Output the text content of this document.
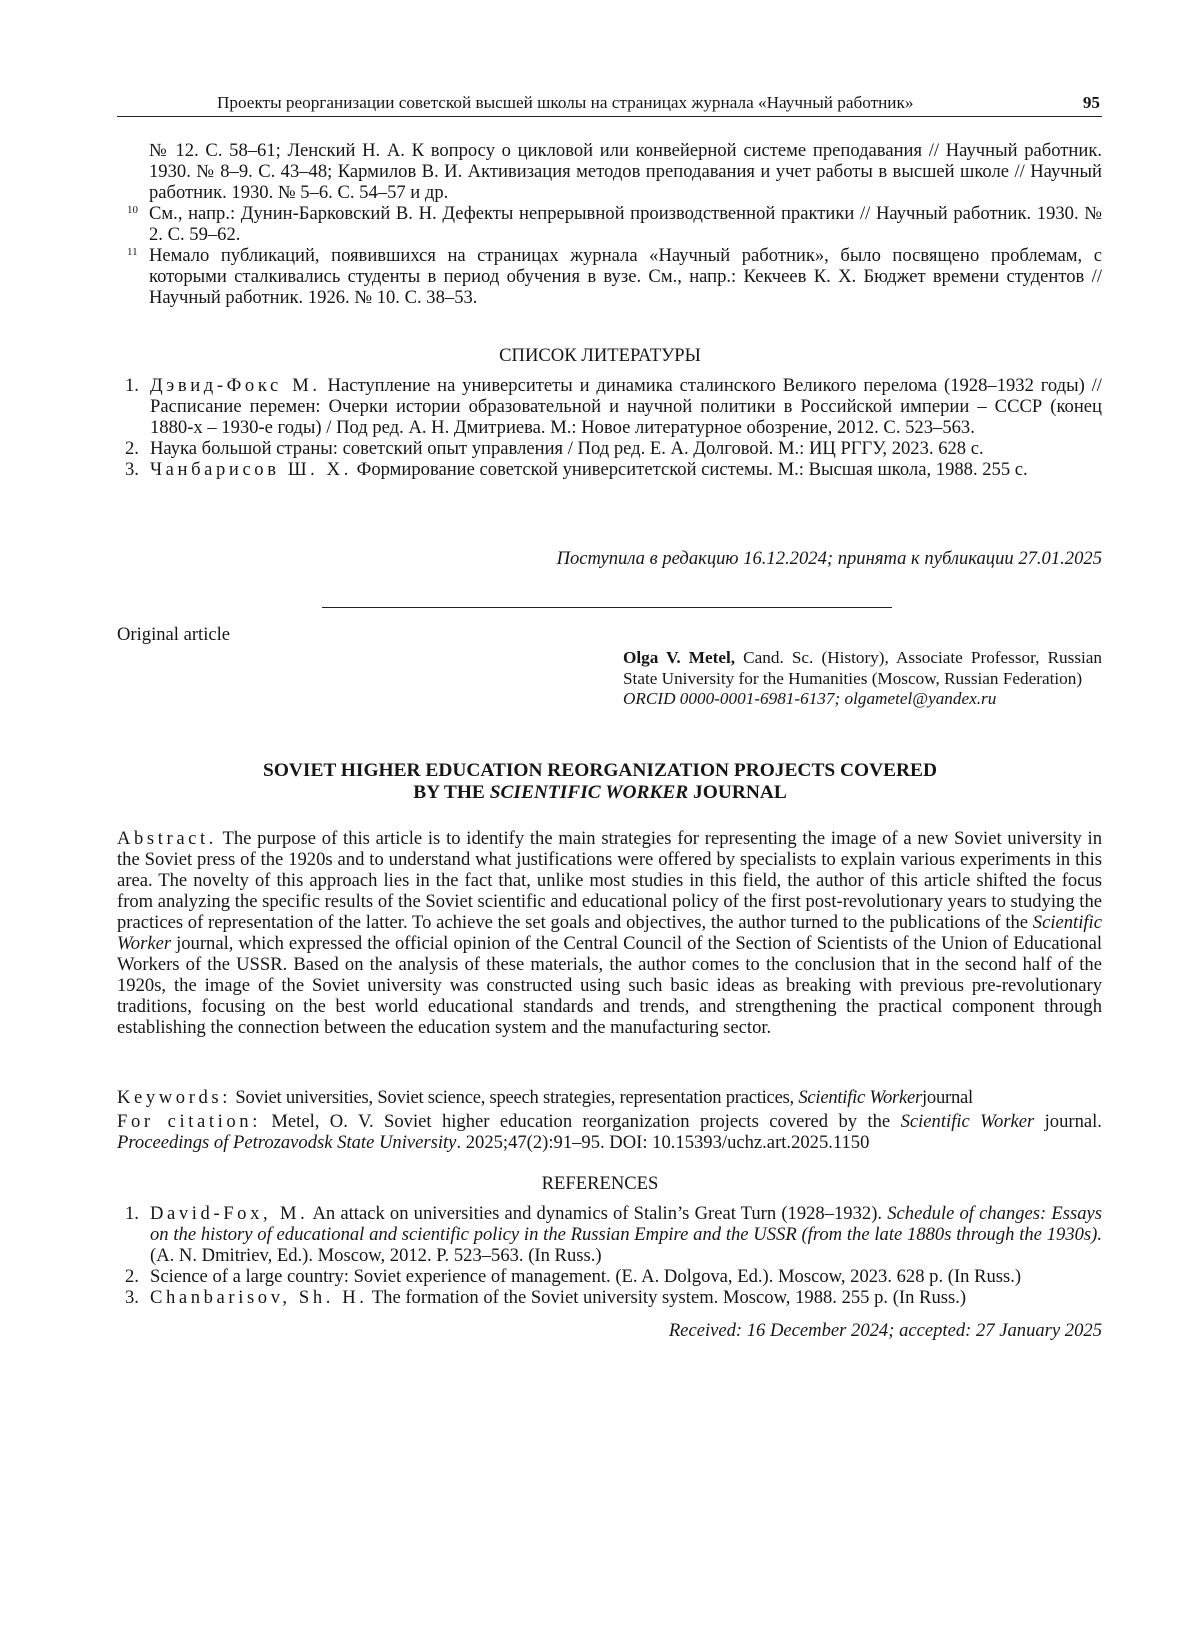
Проекты реорганизации советской высшей школы на страницах журнала «Научный работник»	95
№ 12. С. 58–61; Ленский Н. А. К вопросу о цикловой или конвейерной системе преподавания // Научный работник. 1930. № 8–9. С. 43–48; Кармилов В. И. Активизация методов преподавания и учет работы в высшей школе // Научный работник. 1930. № 5–6. С. 54–57 и др.
10 См., напр.: Дунин-Барковский В. Н. Дефекты непрерывной производственной практики // Научный работник. 1930. № 2. С. 59–62.
11 Немало публикаций, появившихся на страницах журнала «Научный работник», было посвящено проблемам, с которыми сталкивались студенты в период обучения в вузе. См., напр.: Кекчеев К. Х. Бюджет времени студентов // Научный работник. 1926. № 10. С. 38–53.
СПИСОК ЛИТЕРАТУРЫ
1. Дэвид-Фокс М. Наступление на университеты и динамика сталинского Великого перелома (1928–1932 годы) // Расписание перемен: Очерки истории образовательной и научной политики в Российской империи – СССР (конец 1880-х – 1930-е годы) / Под ред. А. Н. Дмитриева. М.: Новое литературное обозрение, 2012. С. 523–563.
2. Наука большой страны: советский опыт управления / Под ред. Е. А. Долговой. М.: ИЦ РГГУ, 2023. 628 с.
3. Чанбарисов Ш. Х. Формирование советской университетской системы. М.: Высшая школа, 1988. 255 с.
Поступила в редакцию 16.12.2024; принята к публикации 27.01.2025
Original article
Olga V. Metel, Cand. Sc. (History), Associate Professor, Russian State University for the Humanities (Moscow, Russian Federation)
ORCID 0000-0001-6981-6137; olgametel@yandex.ru
SOVIET HIGHER EDUCATION REORGANIZATION PROJECTS COVERED
BY THE SCIENTIFIC WORKER JOURNAL
Abstract. The purpose of this article is to identify the main strategies for representing the image of a new Soviet university in the Soviet press of the 1920s and to understand what justifications were offered by specialists to explain various experiments in this area. The novelty of this approach lies in the fact that, unlike most studies in this field, the author of this article shifted the focus from analyzing the specific results of the Soviet scientific and educational policy of the first post-revolutionary years to studying the practices of representation of the latter. To achieve the set goals and objectives, the author turned to the publications of the Scientific Worker journal, which expressed the official opinion of the Central Council of the Section of Scientists of the Union of Educational Workers of the USSR. Based on the analysis of these materials, the author comes to the conclusion that in the second half of the 1920s, the image of the Soviet university was constructed using such basic ideas as breaking with previous pre-revolutionary traditions, focusing on the best world educational standards and trends, and strengthening the practical component through establishing the connection between the education system and the manufacturing sector.
Keywords: Soviet universities, Soviet science, speech strategies, representation practices, Scientific Workerjournal
For citation: Metel, O. V. Soviet higher education reorganization projects covered by the Scientific Worker journal. Proceedings of Petrozavodsk State University. 2025;47(2):91–95. DOI: 10.15393/uchz.art.2025.1150
REFERENCES
1. David-Fox, M. An attack on universities and dynamics of Stalin’s Great Turn (1928–1932). Schedule of changes: Essays on the history of educational and scientific policy in the Russian Empire and the USSR (from the late 1880s through the 1930s). (A. N. Dmitriev, Ed.). Moscow, 2012. P. 523–563. (In Russ.)
2. Science of a large country: Soviet experience of management. (E. A. Dolgova, Ed.). Moscow, 2023. 628 p. (In Russ.)
3. Chanbarisov, Sh. H. The formation of the Soviet university system. Moscow, 1988. 255 p. (In Russ.)
Received: 16 December 2024; accepted: 27 January 2025
